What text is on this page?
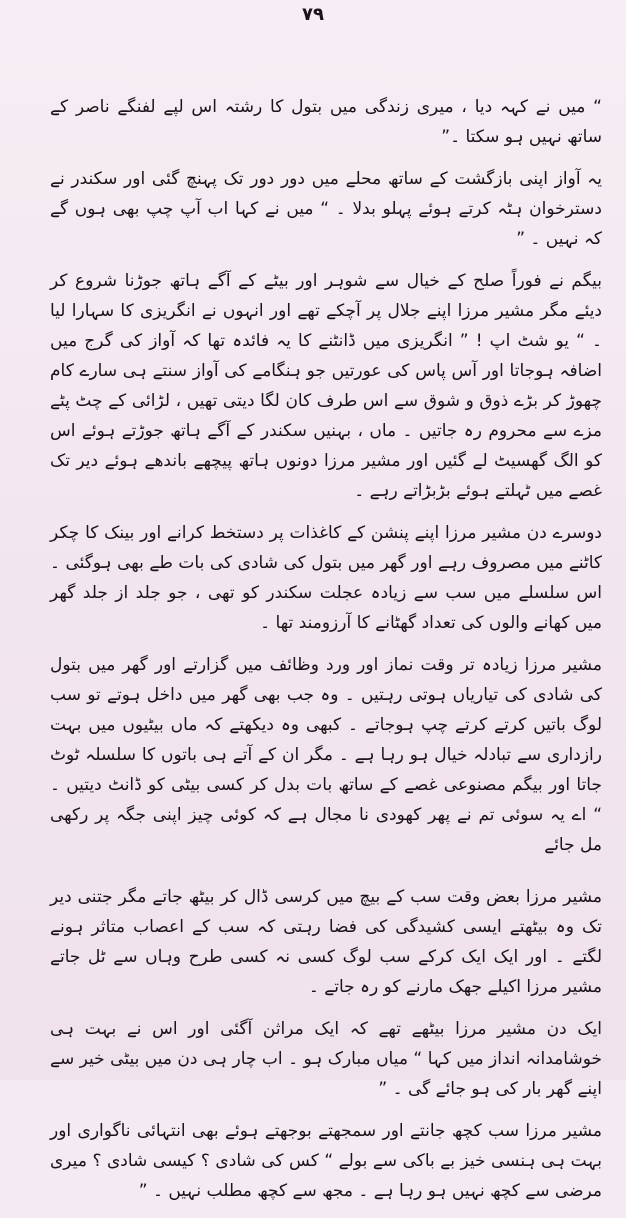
۷۹

“ میں نے کہہ دیا ، میری زندگی میں بتول کا رشتہ اس لپے لفنگے ناصر کے ساتھ نہیں ہو سکتا ۔”

یہ آواز اپنی بازگشت کے ساتھ محلے میں دور دور تک پہنچ گئی اور سکندر نے دسترخوان ہٹہ کرتے ہوئے پہلو بدلا ۔ “ میں نے کہا اب آپ چپ بھی ہوں گے کہ نہیں ۔ ”

بیگم نے فوراً صلح کے خیال سے شوہر اور بیٹے کے آگے ہاتھ جوڑنا شروع کر دیئے مگر مشیر مرزا اپنے جلال پر آچکے تھے اور انہوں نے انگریزی کا سہارا لیا ۔ “ یو شٹ اپ ! ” انگریزی میں ڈانٹنے کا یہ فائدہ تھا کہ آواز کی گرج میں اضافہ ہوجاتا اور آس پاس کی عورتیں جو ہنگامے کی آواز سنتے ہی سارے کام چھوڑ کر بڑے ذوق و شوق سے اس طرف کان لگا دیتی تھیں ، لڑائی کے چٹ پٹے مزے سے محروم رہ جاتیں ۔ ماں ، بہنیں سکندر کے آگے ہاتھ جوڑتے ہوئے اس کو الگ گھسیٹ لے گئیں اور مشیر مرزا دونوں ہاتھ پیچھے باندھے ہوئے دیر تک غصے میں ٹہلتے ہوئے بڑبڑاتے رہے ۔

دوسرے دن مشیر مرزا اپنے پنشن کے کاغذات پر دستخط کرانے اور بینک کا چکر کاٹنے میں مصروف رہے اور گھر میں بتول کی شادی کی بات طے بھی ہوگئی ۔ اس سلسلے میں سب سے زیادہ عجلت سکندر کو تھی ، جو جلد از جلد گھر میں کھانے والوں کی تعداد گھٹانے کا آرزومند تھا ۔

مشیر مرزا زیادہ تر وقت نماز اور ورد وظائف میں گزارتے اور گھر میں بتول کی شادی کی تیاریاں ہوتی رہتیں ۔ وہ جب بھی گھر میں داخل ہوتے تو سب لوگ باتیں کرتے کرتے چپ ہوجاتے ۔ کبھی وہ دیکھتے کہ ماں بیٹیوں میں بہت رازداری سے تبادلہ خیال ہو رہا ہے ۔ مگر ان کے آتے ہی باتوں کا سلسلہ ٹوٹ جاتا اور بیگم مصنوعی غصے کے ساتھ بات بدل کر کسی بیٹی کو ڈانٹ دیتیں ۔ “ اے یہ سوئی تم نے پھر کھودی نا مجال ہے کہ کوئی چیز اپنی جگہ پر رکھی مل جائے

مشیر مرزا بعض وقت سب کے بیچ میں کرسی ڈال کر بیٹھ جاتے مگر جتنی دیر تک وہ بیٹھتے ایسی کشیدگی کی فضا رہتی کہ سب کے اعصاب متاثر ہونے لگتے ۔ اور ایک ایک کرکے سب لوگ کسی نہ کسی طرح وہاں سے ٹل جاتے مشیر مرزا اکیلے جھک مارنے کو رہ جاتے ۔

ایک دن مشیر مرزا بیٹھے تھے کہ ایک مراثن آگئی اور اس نے بہت ہی خوشامدانہ انداز میں کہا “ میاں مبارک ہو ۔ اب چار ہی دن میں بیٹی خیر سے اپنے گھر بار کی ہو جائے گی ۔ ”

مشیر مرزا سب کچھ جانتے اور سمجھتے بوجھتے ہوئے بھی انتہائی ناگواری اور بہت ہی ہنسی خیز بے باکی سے بولے “ کس کی شادی ؟ کیسی شادی ؟ میری مرضی سے کچھ نہیں ہو رہا ہے ۔ مجھ سے کچھ مطلب نہیں ۔ ”
